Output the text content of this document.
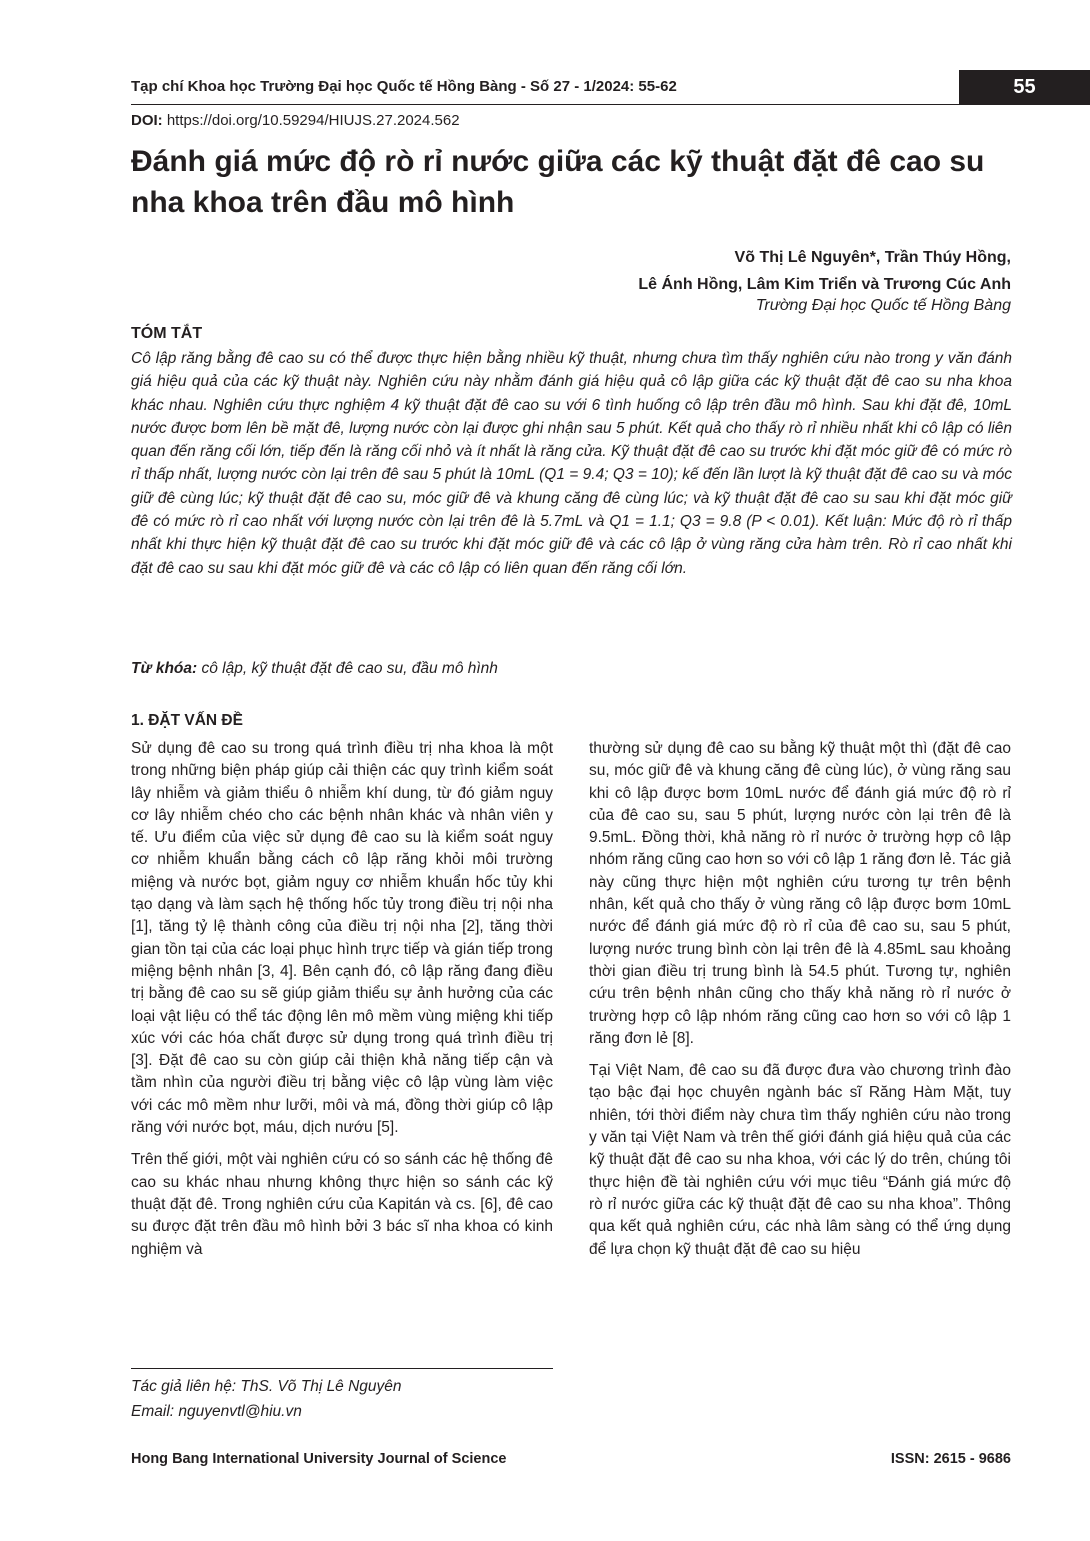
Tạp chí Khoa học Trường Đại học Quốc tế Hồng Bàng - Số 27 - 1/2024: 55-62	55
DOI: https://doi.org/10.59294/HIUJS.27.2024.562
Đánh giá mức độ rò rỉ nước giữa các kỹ thuật đặt đê cao su nha khoa trên đầu mô hình
Võ Thị Lê Nguyên*, Trần Thúy Hồng,
Lê Ánh Hồng, Lâm Kim Triển và Trương Cúc Anh
Trường Đại học Quốc tế Hồng Bàng
TÓM TẮT
Cô lập răng bằng đê cao su có thể được thực hiện bằng nhiều kỹ thuật, nhưng chưa tìm thấy nghiên cứu nào trong y văn đánh giá hiệu quả của các kỹ thuật này. Nghiên cứu này nhằm đánh giá hiệu quả cô lập giữa các kỹ thuật đặt đê cao su nha khoa khác nhau. Nghiên cứu thực nghiệm 4 kỹ thuật đặt đê cao su với 6 tình huống cô lập trên đầu mô hình. Sau khi đặt đê, 10mL nước được bơm lên bề mặt đê, lượng nước còn lại được ghi nhận sau 5 phút. Kết quả cho thấy rò rỉ nhiều nhất khi cô lập có liên quan đến răng cối lớn, tiếp đến là răng cối nhỏ và ít nhất là răng cửa. Kỹ thuật đặt đê cao su trước khi đặt móc giữ đê có mức rò rỉ thấp nhất, lượng nước còn lại trên đê sau 5 phút là 10mL (Q1 = 9.4; Q3 = 10); kế đến lần lượt là kỹ thuật đặt đê cao su và móc giữ đê cùng lúc; kỹ thuật đặt đê cao su, móc giữ đê và khung căng đê cùng lúc; và kỹ thuật đặt đê cao su sau khi đặt móc giữ đê có mức rò rỉ cao nhất với lượng nước còn lại trên đê là 5.7mL và Q1 = 1.1; Q3 = 9.8 (P < 0.01). Kết luận: Mức độ rò rỉ thấp nhất khi thực hiện kỹ thuật đặt đê cao su trước khi đặt móc giữ đê và các cô lập ở vùng răng cửa hàm trên. Rò rỉ cao nhất khi đặt đê cao su sau khi đặt móc giữ đê và các cô lập có liên quan đến răng cối lớn.
Từ khóa: cô lập, kỹ thuật đặt đê cao su, đầu mô hình
1. ĐẶT VẤN ĐỀ

Sử dụng đê cao su trong quá trình điều trị nha khoa là một trong những biện pháp giúp cải thiện các quy trình kiểm soát lây nhiễm và giảm thiểu ô nhiễm khí dung, từ đó giảm nguy cơ lây nhiễm chéo cho các bệnh nhân khác và nhân viên y tế. Ưu điểm của việc sử dụng đê cao su là kiểm soát nguy cơ nhiễm khuẩn bằng cách cô lập răng khỏi môi trường miệng và nước bọt, giảm nguy cơ nhiễm khuẩn hốc tủy khi tạo dạng và làm sạch hệ thống hốc tủy trong điều trị nội nha [1], tăng tỷ lệ thành công của điều trị nội nha [2], tăng thời gian tồn tại của các loại phục hình trực tiếp và gián tiếp trong miệng bệnh nhân [3, 4]. Bên cạnh đó, cô lập răng đang điều trị bằng đê cao su sẽ giúp giảm thiểu sự ảnh hưởng của các loại vật liệu có thể tác động lên mô mềm vùng miệng khi tiếp xúc với các hóa chất được sử dụng trong quá trình điều trị [3]. Đặt đê cao su còn giúp cải thiện khả năng tiếp cận và tầm nhìn của người điều trị bằng việc cô lập vùng làm việc với các mô mềm như lưỡi, môi và má, đồng thời giúp cô lập răng với nước bọt, máu, dịch nướu [5].

Trên thế giới, một vài nghiên cứu có so sánh các hệ thống đê cao su khác nhau nhưng không thực hiện so sánh các kỹ thuật đặt đê. Trong nghiên cứu của Kapitán và cs. [6], đê cao su được đặt trên đầu mô hình bởi 3 bác sĩ nha khoa có kinh nghiệm và

thường sử dụng đê cao su bằng kỹ thuật một thì (đặt đê cao su, móc giữ đê và khung căng đê cùng lúc), ở vùng răng sau khi cô lập được bơm 10mL nước để đánh giá mức độ rò rỉ của đê cao su, sau 5 phút, lượng nước còn lại trên đê là 9.5mL. Đồng thời, khả năng rò rỉ nước ở trường hợp cô lập nhóm răng cũng cao hơn so với cô lập 1 răng đơn lẻ. Tác giả này cũng thực hiện một nghiên cứu tương tự trên bệnh nhân, kết quả cho thấy ở vùng răng cô lập được bơm 10mL nước để đánh giá mức độ rò rỉ của đê cao su, sau 5 phút, lượng nước trung bình còn lại trên đê là 4.85mL sau khoảng thời gian điều trị trung bình là 54.5 phút. Tương tự, nghiên cứu trên bệnh nhân cũng cho thấy khả năng rò rỉ nước ở trường hợp cô lập nhóm răng cũng cao hơn so với cô lập 1 răng đơn lẻ [8].

Tại Việt Nam, đê cao su đã được đưa vào chương trình đào tạo bậc đại học chuyên ngành bác sĩ Răng Hàm Mặt, tuy nhiên, tới thời điểm này chưa tìm thấy nghiên cứu nào trong y văn tại Việt Nam và trên thế giới đánh giá hiệu quả của các kỹ thuật đặt đê cao su nha khoa, với các lý do trên, chúng tôi thực hiện đề tài nghiên cứu với mục tiêu “Đánh giá mức độ rò rỉ nước giữa các kỹ thuật đặt đê cao su nha khoa”. Thông qua kết quả nghiên cứu, các nhà lâm sàng có thể ứng dụng để lựa chọn kỹ thuật đặt đê cao su hiệu

Tác giả liên hệ: ThS. Võ Thị Lê Nguyên
Email: nguyenvtl@hiu.vn
Hong Bang International University Journal of Science	ISSN: 2615 - 9686
